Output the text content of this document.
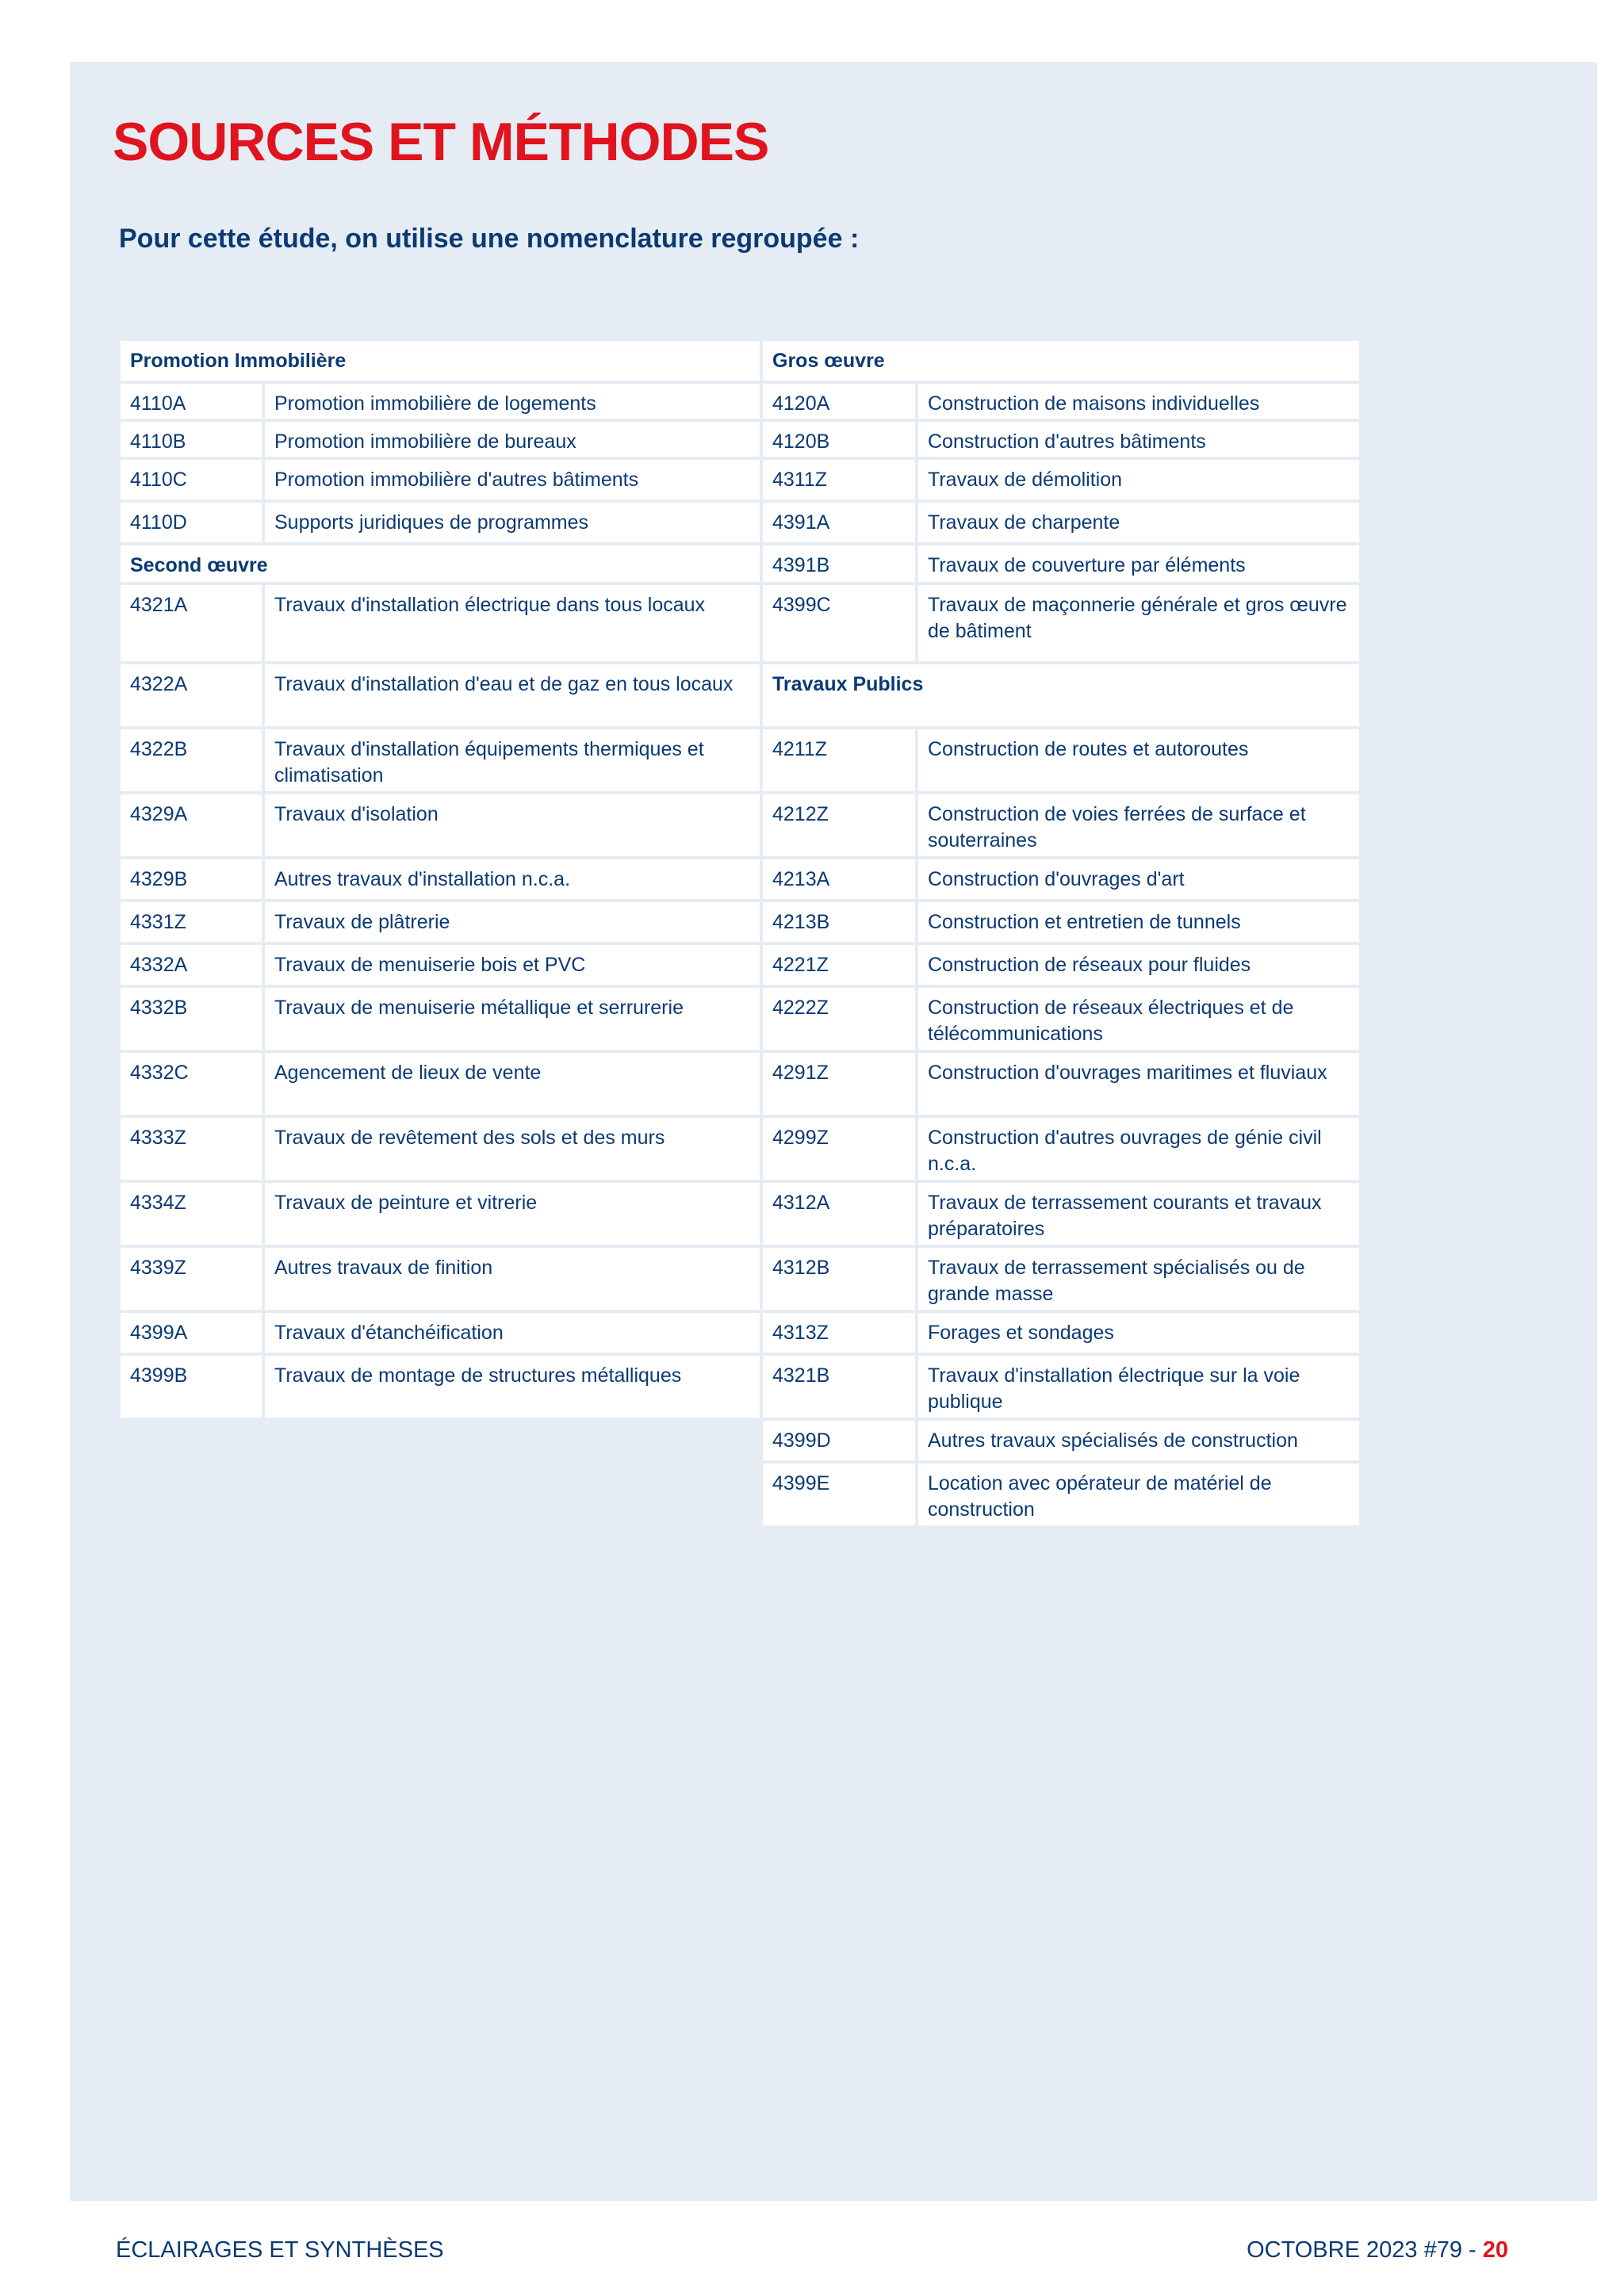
SOURCES ET MÉTHODES
Pour cette étude, on utilise une nomenclature regroupée :
Promotion Immobilière	
4110A	Promotion immobilière de logements
4110B	Promotion immobilière de bureaux
4110C	Promotion immobilière d'autres bâtiments
4110D	Supports juridiques de programmes
Second œuvre	
4321A	Travaux d'installation électrique dans tous locaux
4322A	Travaux d'installation d'eau et de gaz en tous locaux
4322B	Travaux d'installation équipements thermiques et climatisation
4329A	Travaux d'isolation
4329B	Autres travaux d'installation n.c.a.
4331Z	Travaux de plâtrerie
4332A	Travaux de menuiserie bois et PVC
4332B	Travaux de menuiserie métallique et serrurerie
4332C	Agencement de lieux de vente
4333Z	Travaux de revêtement des sols et des murs
4334Z	Travaux de peinture et vitrerie
4339Z	Autres travaux de finition
4399A	Travaux d'étanchéification
4399B	Travaux de montage de structures métalliques
Gros œuvre	
4120A	Construction de maisons individuelles
4120B	Construction d'autres bâtiments
4311Z	Travaux de démolition
4391A	Travaux de charpente
4391B	Travaux de couverture par éléments
4399C	Travaux de maçonnerie générale et gros œuvre de bâtiment
Travaux Publics	
4211Z	Construction de routes et autoroutes
4212Z	Construction de voies ferrées de surface et souterraines
4213A	Construction d'ouvrages d'art
4213B	Construction et entretien de tunnels
4221Z	Construction de réseaux pour fluides
4222Z	Construction de réseaux électriques et de télécommunications
4291Z	Construction d'ouvrages maritimes et fluviaux
4299Z	Construction d'autres ouvrages de génie civil n.c.a.
4312A	Travaux de terrassement courants et travaux préparatoires
4312B	Travaux de terrassement spécialisés ou de grande masse
4313Z	Forages et sondages
4321B	Travaux d'installation électrique sur la voie publique
4399D	Autres travaux spécialisés de construction
4399E	Location avec opérateur de matériel de construction

ÉCLAIRAGES ET SYNTHÈSES	OCTOBRE 2023 #79 - 20
